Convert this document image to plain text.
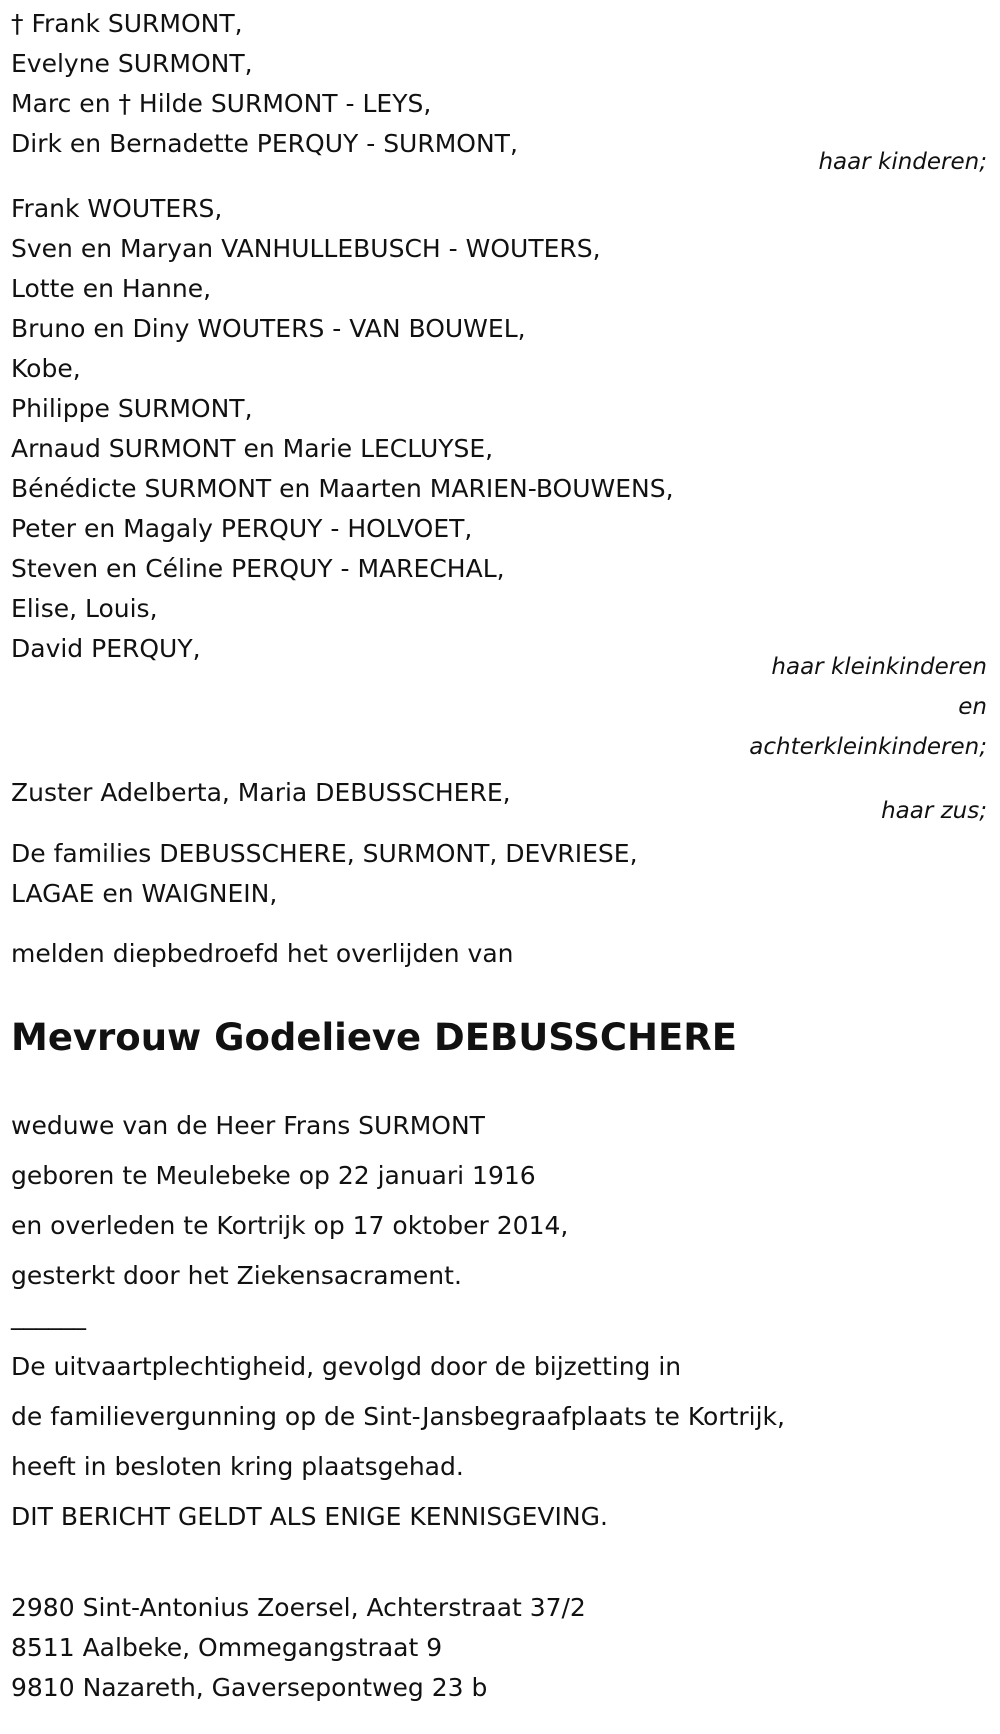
† Frank SURMONT,
Evelyne SURMONT,
Marc en † Hilde SURMONT - LEYS,
Dirk en Bernadette PERQUY - SURMONT,
haar kinderen;
Frank WOUTERS,
Sven en Maryan VANHULLEBUSCH - WOUTERS,
Lotte en Hanne,
Bruno en Diny WOUTERS - VAN BOUWEL,
Kobe,
Philippe SURMONT,
Arnaud SURMONT en Marie LECLUYSE,
Bénédicte SURMONT en Maarten MARIEN-BOUWENS,
Peter en Magaly PERQUY - HOLVOET,
Steven en Céline PERQUY - MARECHAL,
Elise, Louis,
David PERQUY,
haar kleinkinderen
en
achterkleinkinderen;
Zuster Adelberta, Maria DEBUSSCHERE,
haar zus;
De families DEBUSSCHERE, SURMONT, DEVRIESE,
LAGAE en WAIGNEIN,
melden diepbedroefd het overlijden van
Mevrouw Godelieve DEBUSSCHERE
weduwe van de Heer Frans SURMONT
geboren te Meulebeke op 22 januari 1916
en overleden te Kortrijk op 17 oktober 2014,
gesterkt door het Ziekensacrament.
______
De uitvaartplechtigheid, gevolgd door de bijzetting in
de familievergunning op de Sint-Jansbegraafplaats te Kortrijk,
heeft in besloten kring plaatsgehad.
DIT BERICHT GELDT ALS ENIGE KENNISGEVING.
2980 Sint-Antonius Zoersel, Achterstraat 37/2
8511 Aalbeke, Ommegangstraat 9
9810 Nazareth, Gaversepontweg 23 b
